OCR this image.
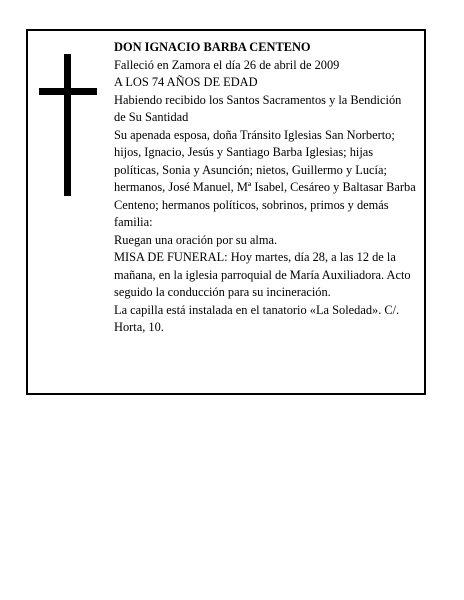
DON IGNACIO BARBA CENTENO

Falleció en Zamora el día 26 de abril de 2009

A LOS 74 AÑOS DE EDAD

Habiendo recibido los Santos Sacramentos y la Bendición de Su Santidad

Su apenada esposa, doña Tránsito Iglesias San Norberto; hijos, Ignacio, Jesús y Santiago Barba Iglesias; hijas políticas, Sonia y Asunción; nietos, Guillermo y Lucía; hermanos, José Manuel, Mª Isabel, Cesáreo y Baltasar Barba Centeno; hermanos políticos, sobrinos, primos y demás familia:

Ruegan una oración por su alma.

MISA DE FUNERAL: Hoy martes, día 28, a las 12 de la mañana, en la iglesia parroquial de María Auxiliadora. Acto seguido la conducción para su incineración.

La capilla está instalada en el tanatorio «La Soledad». C/. Horta, 10.
